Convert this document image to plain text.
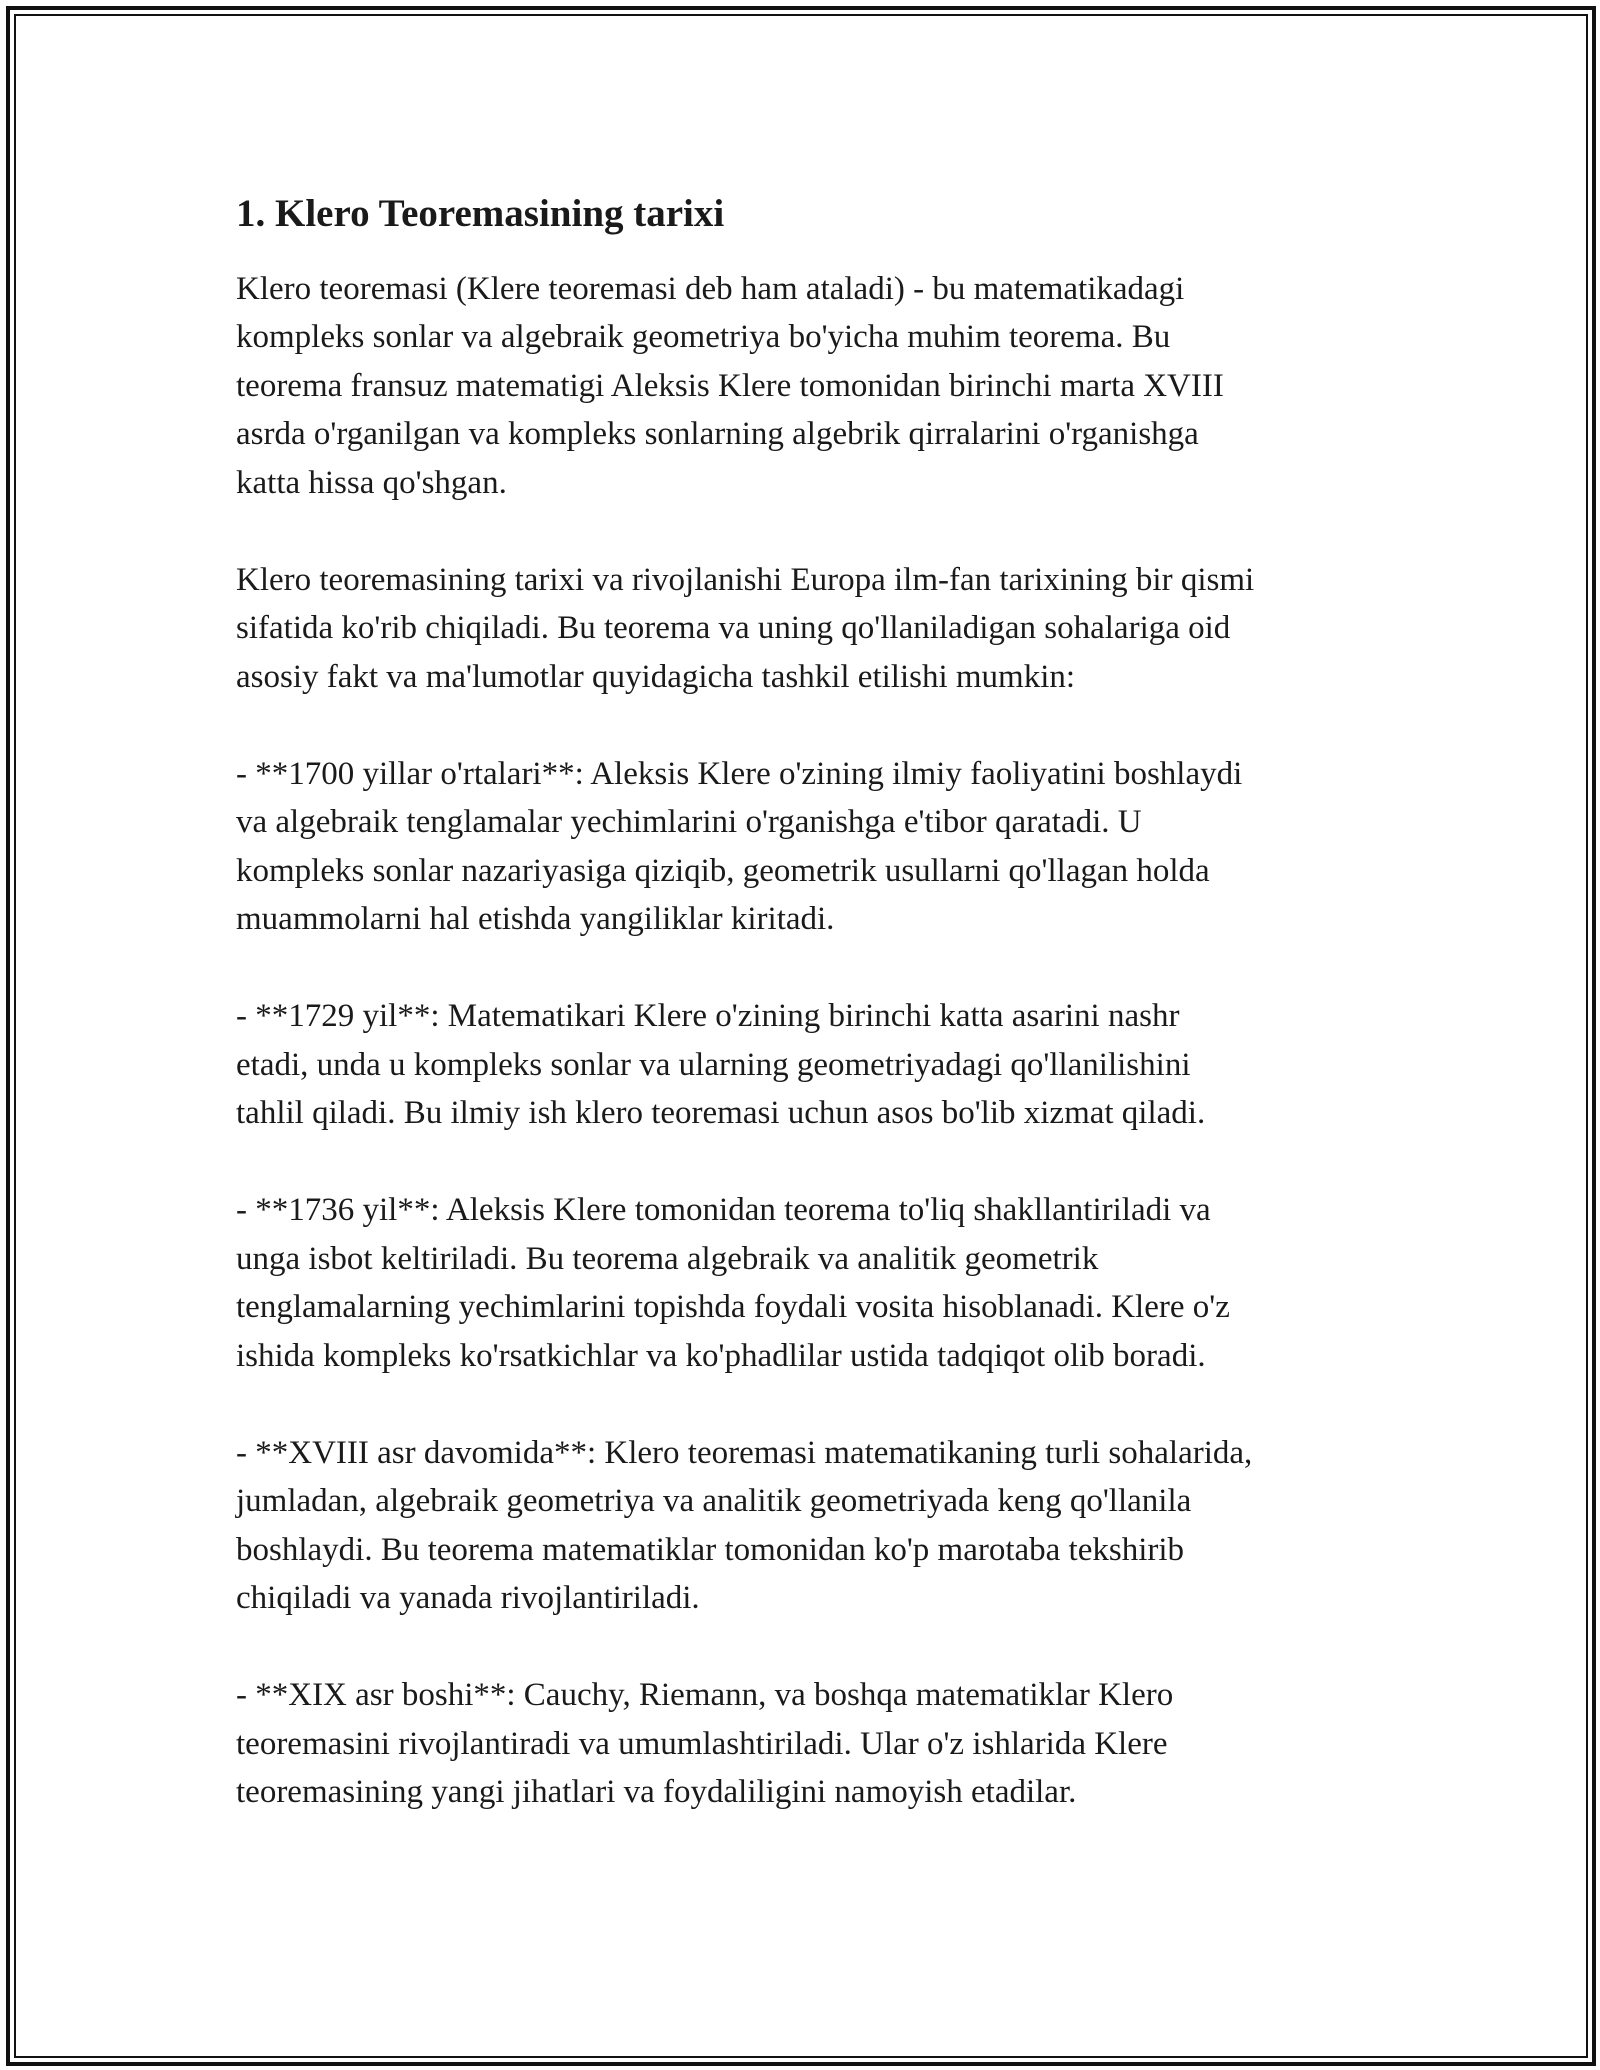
1. Klero Teoremasining tarixi

Klero teoremasi (Klere teoremasi deb ham ataladi) - bu matematikadagi
kompleks sonlar va algebraik geometriya bo'yicha muhim teorema. Bu
teorema fransuz matematigi Aleksis Klere tomonidan birinchi marta XVIII
asrda o'rganilgan va kompleks sonlarning algebrik qirralarini o'rganishga
katta hissa qo'shgan.

Klero teoremasining tarixi va rivojlanishi Europa ilm-fan tarixining bir qismi
sifatida ko'rib chiqiladi. Bu teorema va uning qo'llaniladigan sohalariga oid
asosiy fakt va ma'lumotlar quyidagicha tashkil etilishi mumkin:

- **1700 yillar o'rtalari**: Aleksis Klere o'zining ilmiy faoliyatini boshlaydi
va algebraik tenglamalar yechimlarini o'rganishga e'tibor qaratadi. U
kompleks sonlar nazariyasiga qiziqib, geometrik usullarni qo'llagan holda
muammolarni hal etishda yangiliklar kiritadi.

- **1729 yil**: Matematikari Klere o'zining birinchi katta asarini nashr
etadi, unda u kompleks sonlar va ularning geometriyadagi qo'llanilishini
tahlil qiladi. Bu ilmiy ish klero teoremasi uchun asos bo'lib xizmat qiladi.

- **1736 yil**: Aleksis Klere tomonidan teorema to'liq shakllantiriladi va
unga isbot keltiriladi. Bu teorema algebraik va analitik geometrik
tenglamalarning yechimlarini topishda foydali vosita hisoblanadi. Klere o'z
ishida kompleks ko'rsatkichlar va ko'phadlilar ustida tadqiqot olib boradi.

- **XVIII asr davomida**: Klero teoremasi matematikaning turli sohalarida,
jumladan, algebraik geometriya va analitik geometriyada keng qo'llanila
boshlaydi. Bu teorema matematiklar tomonidan ko'p marotaba tekshirib
chiqiladi va yanada rivojlantiriladi.

- **XIX asr boshi**: Cauchy, Riemann, va boshqa matematiklar Klero
teoremasini rivojlantiradi va umumlashtiriladi. Ular o'z ishlarida Klere
teoremasining yangi jihatlari va foydaliligini namoyish etadilar.
